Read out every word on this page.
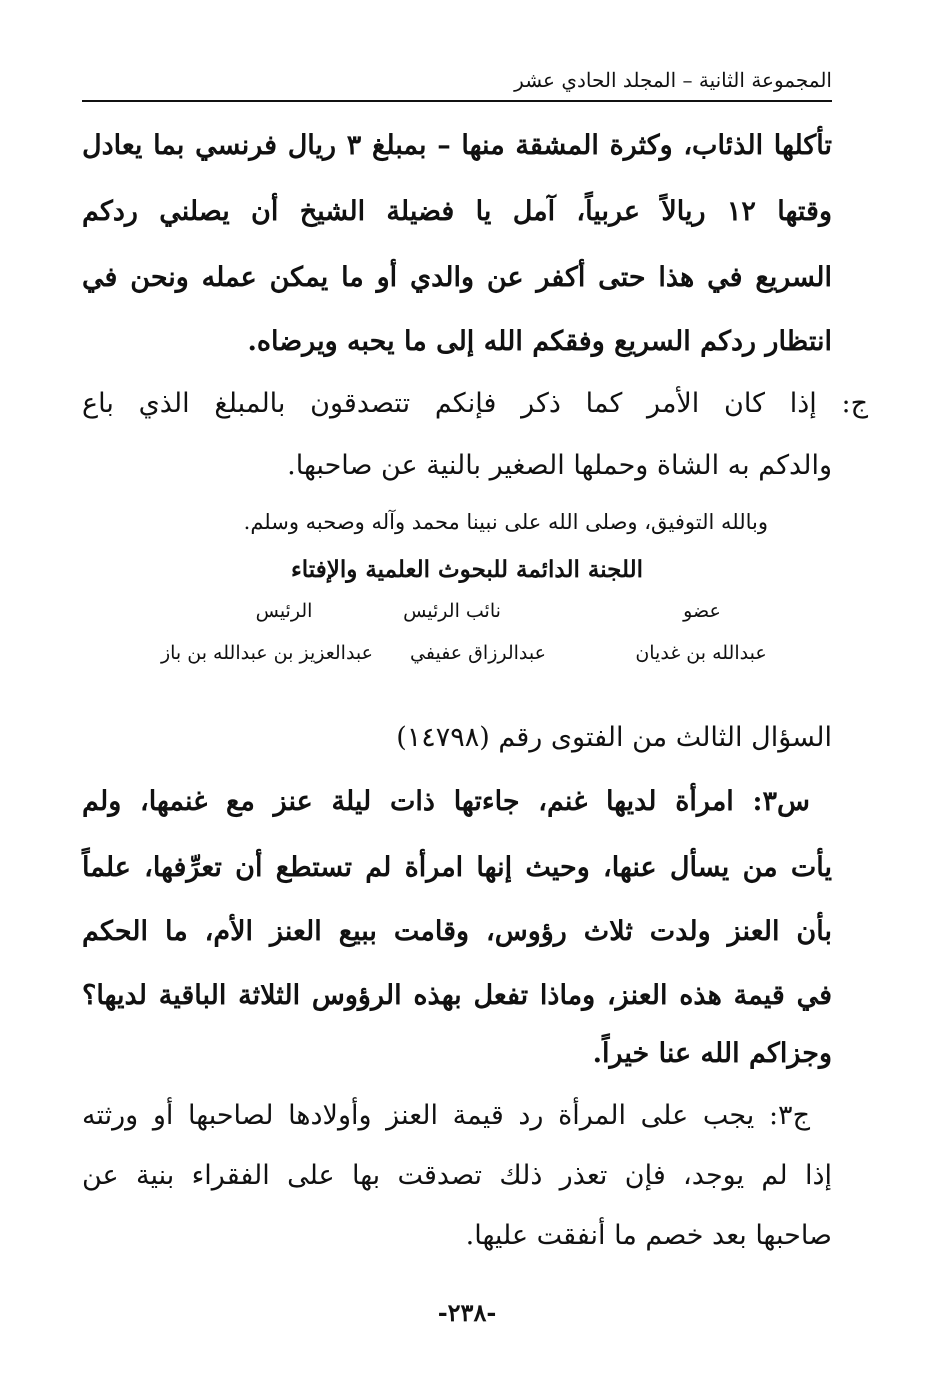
المجموعة الثانية – المجلد الحادي عشر
تأكلها الذئاب، وكثرة المشقة منها – بمبلغ ٣ ريال فرنسي بما يعادل
وقتها ١٢ ريالاً عربياً، آمل يا فضيلة الشيخ أن يصلني ردكم
السريع في هذا حتى أكفر عن والدي أو ما يمكن عمله ونحن في
انتظار ردكم السريع وفقكم الله إلى ما يحبه ويرضاه.
ج: إذا كان الأمر كما ذكر فإنكم تتصدقون بالمبلغ الذي باع
والدكم به الشاة وحملها الصغير بالنية عن صاحبها.
وبالله التوفيق، وصلى الله على نبينا محمد وآله وصحبه وسلم.
اللجنة الدائمة للبحوث العلمية والإفتاء
عضو
نائب الرئيس
الرئيس
عبدالله بن غديان
عبدالرزاق عفيفي
عبدالعزيز بن عبدالله بن باز
السؤال الثالث من الفتوى رقم (١٤٧٩٨)
س٣: امرأة لديها غنم، جاءتها ذات ليلة عنز مع غنمها، ولم
يأت من يسأل عنها، وحيث إنها امرأة لم تستطع أن تعرِّفها، علماً
بأن العنز ولدت ثلاث رؤوس، وقامت ببيع العنز الأم، ما الحكم
في قيمة هذه العنز، وماذا تفعل بهذه الرؤوس الثلاثة الباقية لديها؟
وجزاكم الله عنا خيراً.
ج٣: يجب على المرأة رد قيمة العنز وأولادها لصاحبها أو ورثته
إذا لم يوجد، فإن تعذر ذلك تصدقت بها على الفقراء بنية عن
صاحبها بعد خصم ما أنفقت عليها.
-٢٣٨-
